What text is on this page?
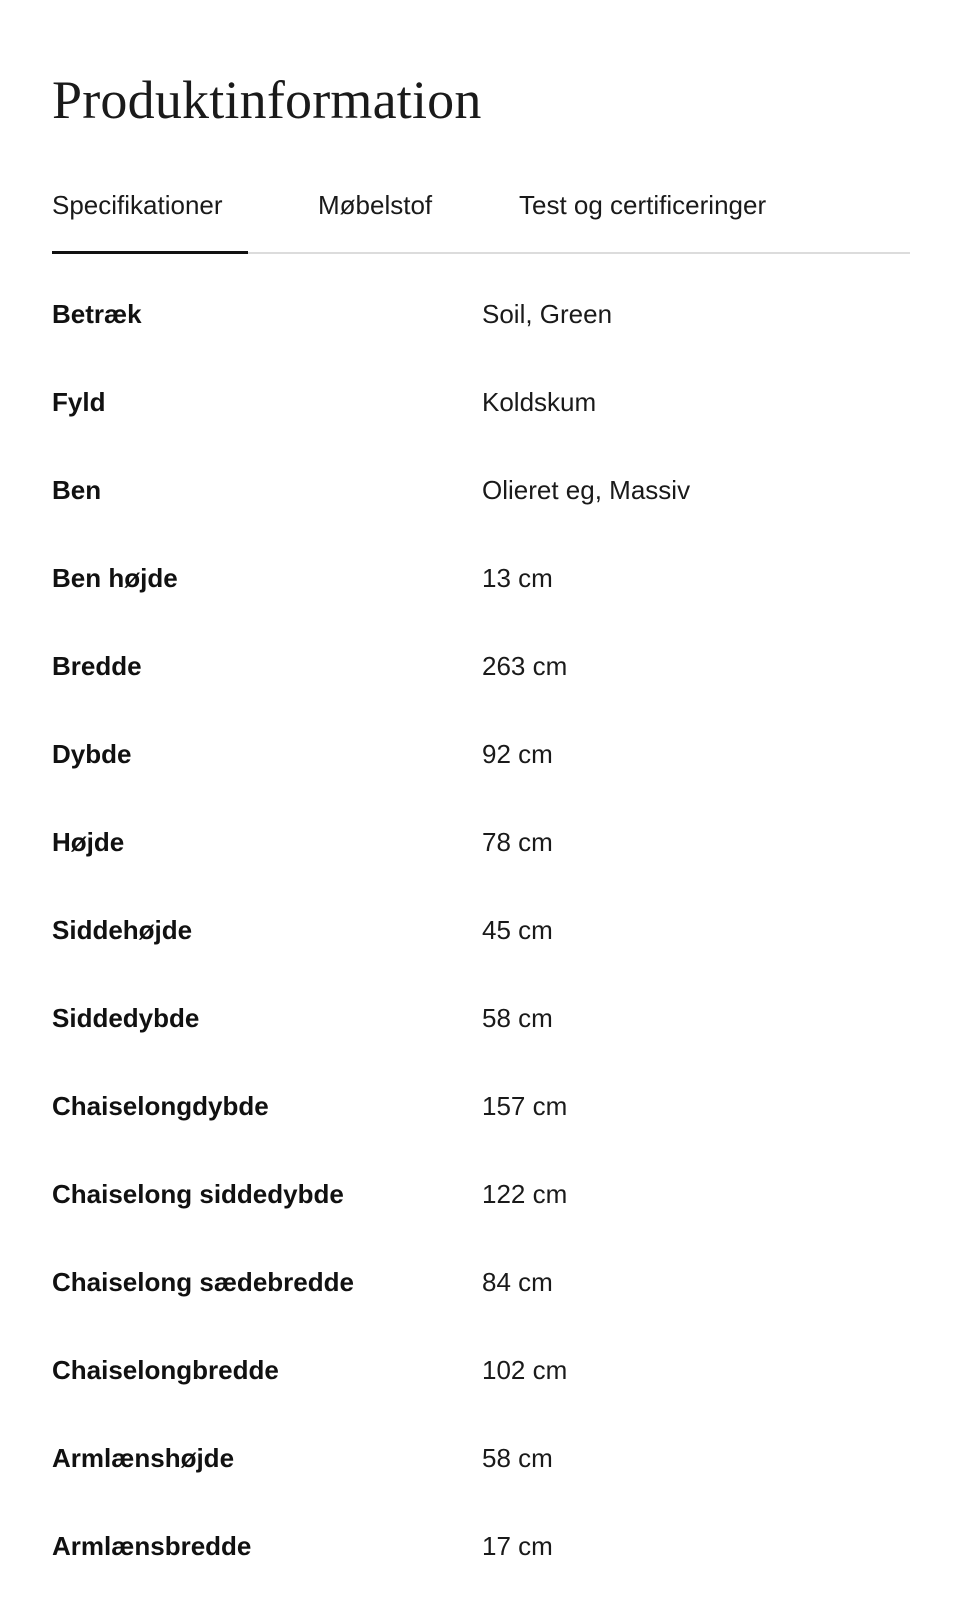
Produktinformation
Specifikationer	Møbelstof	Test og certificeringer
Betræk	Soil, Green
Fyld	Koldskum
Ben	Olieret eg, Massiv
Ben højde	13 cm
Bredde	263 cm
Dybde	92 cm
Højde	78 cm
Siddehøjde	45 cm
Siddedybde	58 cm
Chaiselongdybde	157 cm
Chaiselong siddedybde	122 cm
Chaiselong sædebredde	84 cm
Chaiselongbredde	102 cm
Armlænshøjde	58 cm
Armlænsbredde	17 cm
